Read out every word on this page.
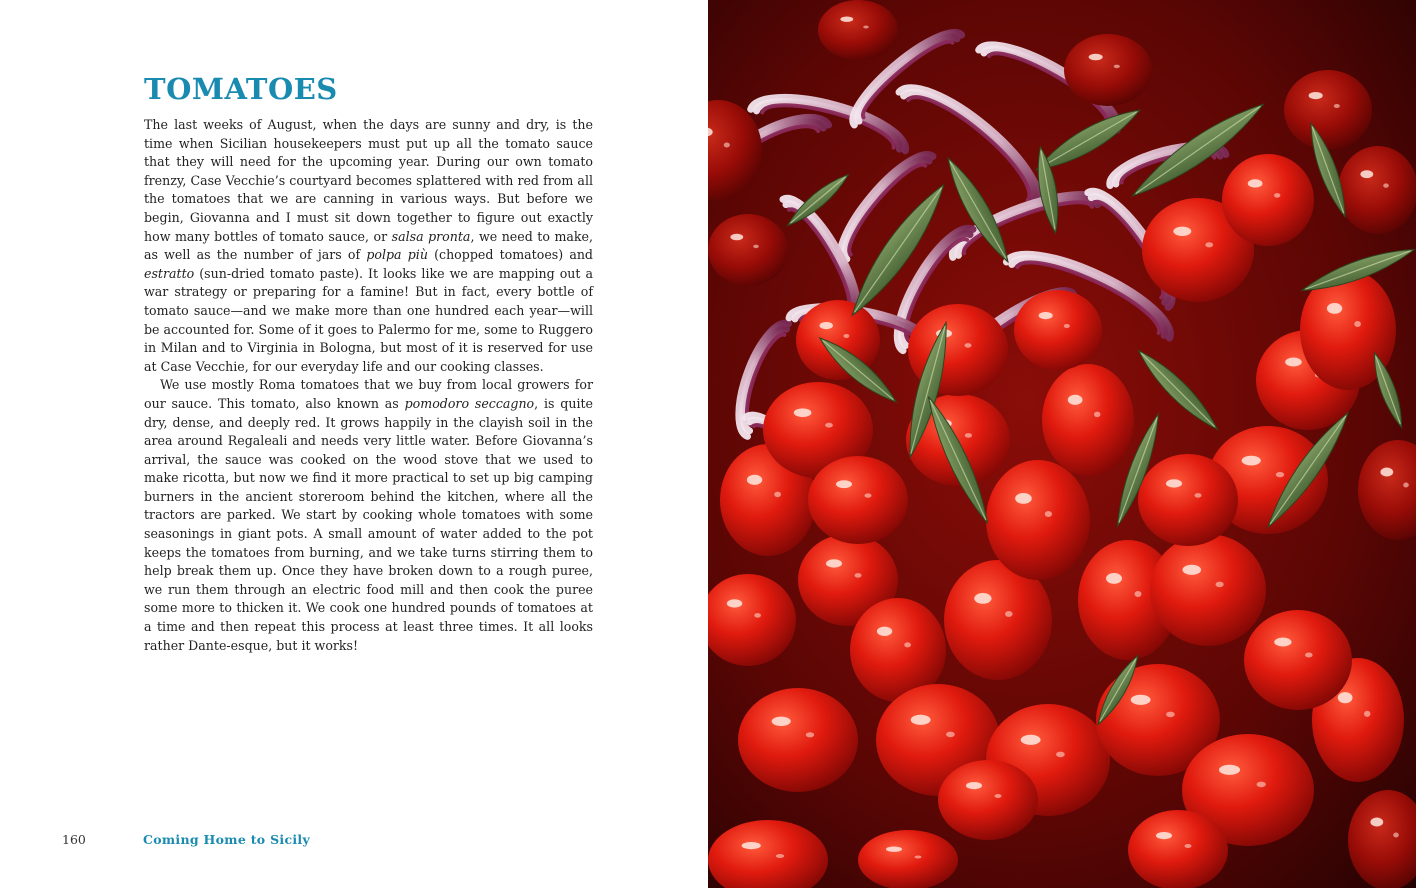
TOMATOES

The last weeks of August, when the days are sunny and dry, is the time when Sicilian housekeepers must put up all the tomato sauce that they will need for the upcoming year. During our own tomato frenzy, Case Vecchie’s courtyard becomes splattered with red from all the tomatoes that we are canning in various ways. But before we begin, Giovanna and I must sit down together to figure out exactly how many bottles of tomato sauce, or salsa pronta, we need to make, as well as the number of jars of polpa più (chopped tomatoes) and estratto (sun-dried tomato paste). It looks like we are mapping out a war strategy or preparing for a famine! But in fact, every bottle of tomato sauce—and we make more than one hundred each year—will be accounted for. Some of it goes to Palermo for me, some to Ruggero in Milan and to Virginia in Bologna, but most of it is reserved for use at Case Vecchie, for our everyday life and our cooking classes.

We use mostly Roma tomatoes that we buy from local growers for our sauce. This tomato, also known as pomodoro seccagno, is quite dry, dense, and deeply red. It grows happily in the clayish soil in the area around Regaleali and needs very little water. Before Giovanna’s arrival, the sauce was cooked on the wood stove that we used to make ricotta, but now we find it more practical to set up big camping burners in the ancient storeroom behind the kitchen, where all the tractors are parked. We start by cooking whole tomatoes with some seasonings in giant pots. A small amount of water added to the pot keeps the tomatoes from burning, and we take turns stirring them to help break them up. Once they have broken down to a rough puree, we run them through an electric food mill and then cook the puree some more to thicken it. We cook one hundred pounds of tomatoes at a time and then repeat this process at least three times. It all looks rather Dante-esque, but it works!

160	Coming Home to Sicily
